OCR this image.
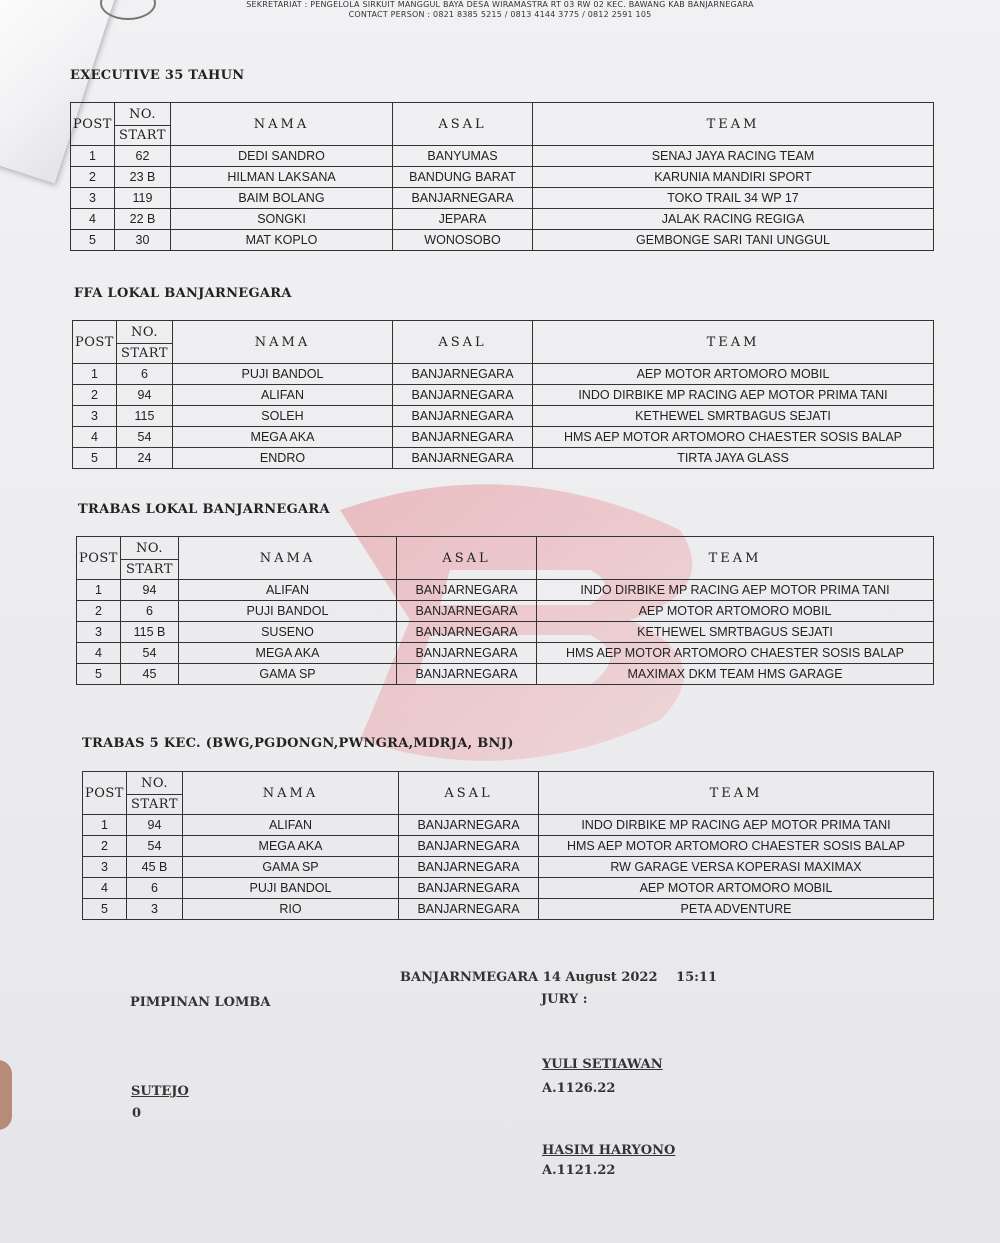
SEKRETARIAT : PENGELOLA SIRKUIT MANGGUL BAYA DESA WIRAMASTRA RT 03 RW 02 KEC. BAWANG KAB BANJARNEGARA
CONTACT PERSON : 0821 8385 5215 / 0813 4144 3775 / 0812 2591 105
EXECUTIVE 35 TAHUN
POST	NO.	NAMA	ASAL	TEAM
	START			
1	62	DEDI SANDRO	BANYUMAS	SENAJ JAYA RACING TEAM
2	23 B	HILMAN LAKSANA	BANDUNG BARAT	KARUNIA MANDIRI SPORT
3	119	BAIM BOLANG	BANJARNEGARA	TOKO TRAIL 34 WP 17
4	22 B	SONGKI	JEPARA	JALAK RACING REGIGA
5	30	MAT KOPLO	WONOSOBO	GEMBONGE SARI TANI UNGGUL
FFA LOKAL BANJARNEGARA
POST	NO.	NAMA	ASAL	TEAM
	START			
1	6	PUJI BANDOL	BANJARNEGARA	AEP MOTOR ARTOMORO MOBIL
2	94	ALIFAN	BANJARNEGARA	INDO DIRBIKE MP RACING AEP MOTOR PRIMA TANI
3	115	SOLEH	BANJARNEGARA	KETHEWEL SMRTBAGUS SEJATI
4	54	MEGA AKA	BANJARNEGARA	HMS AEP MOTOR ARTOMORO CHAESTER SOSIS BALAP
5	24	ENDRO	BANJARNEGARA	TIRTA JAYA GLASS
TRABAS LOKAL BANJARNEGARA
POST	NO.	NAMA	ASAL	TEAM
	START			
1	94	ALIFAN	BANJARNEGARA	INDO DIRBIKE MP RACING AEP MOTOR PRIMA TANI
2	6	PUJI BANDOL	BANJARNEGARA	AEP MOTOR ARTOMORO MOBIL
3	115 B	SUSENO	BANJARNEGARA	KETHEWEL SMRTBAGUS SEJATI
4	54	MEGA AKA	BANJARNEGARA	HMS AEP MOTOR ARTOMORO CHAESTER SOSIS BALAP
5	45	GAMA SP	BANJARNEGARA	MAXIMAX DKM TEAM HMS GARAGE
TRABAS 5 KEC. (BWG,PGDONGN,PWNGRA,MDRJA, BNJ)
POST	NO.	NAMA	ASAL	TEAM
	START			
1	94	ALIFAN	BANJARNEGARA	INDO DIRBIKE MP RACING AEP MOTOR PRIMA TANI
2	54	MEGA AKA	BANJARNEGARA	HMS AEP MOTOR ARTOMORO CHAESTER SOSIS BALAP
3	45 B	GAMA SP	BANJARNEGARA	RW GARAGE VERSA KOPERASI MAXIMAX
4	6	PUJI BANDOL	BANJARNEGARA	AEP MOTOR ARTOMORO MOBIL
5	3	RIO	BANJARNEGARA	PETA ADVENTURE
BANJARNMEGARA 14 August 2022 15:11
PIMPINAN LOMBA	JURY :
YULI SETIAWAN
A.1126.22
SUTEJO
0
HASIM HARYONO
A.1121.22
